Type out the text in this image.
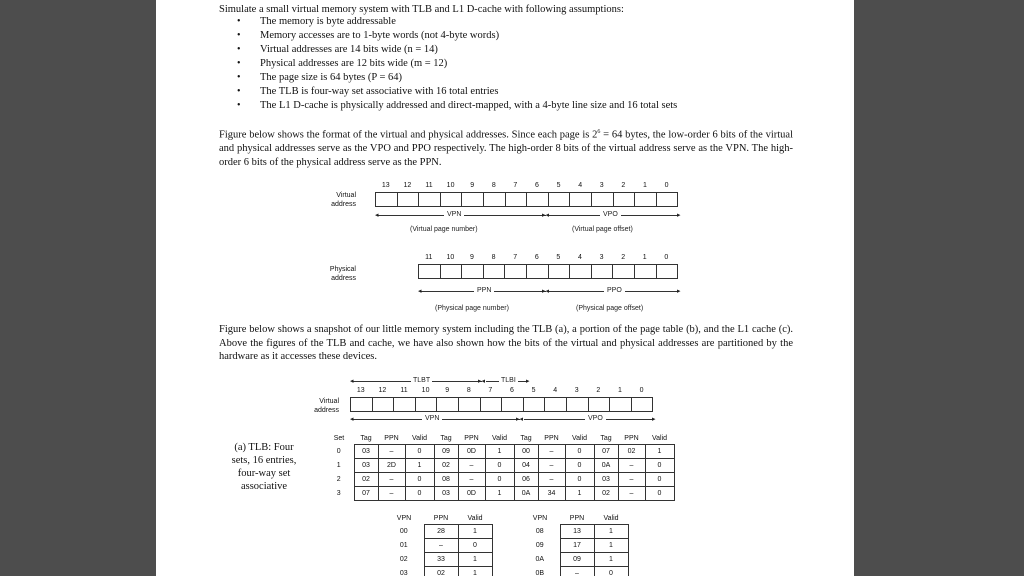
Simulate a small virtual memory system with TLB and L1 D-cache with following assumptions:
• The memory is byte addressable
• Memory accesses are to 1-byte words (not 4-byte words)
• Virtual addresses are 14 bits wide (n = 14)
• Physical addresses are 12 bits wide (m = 12)
• The page size is 64 bytes (P = 64)
• The TLB is four-way set associative with 16 total entries
• The L1 D-cache is physically addressed and direct-mapped, with a 4-byte line size and 16 total sets
Figure below shows the format of the virtual and physical addresses. Since each page is $2^6 = 64$ bytes, the low-order 6 bits of the virtual and physical addresses serve as the VPO and PPO respectively. The high-order 8 bits of the virtual address serve as the VPN. The high-order 6 bits of the physical address serve as the PPN.
13	12	11	10	9	8	7	6	5	4	3	2	1	0
Virtual
address
◂	▸◂	▸
VPN	VPO
(Virtual page number)	(Virtual page offset)
11	10	9	8	7	6	5	4	3	2	1	0
Physical
address
◂	▸◂	▸
PPN	PPO
(Physical page number)	(Physical page offset)
Figure below shows a snapshot of our little memory system including the TLB (a), a portion of the page table (b), and the L1 cache (c). Above the figures of the TLB and cache, we have also shown how the bits of the virtual and physical addresses are partitioned by the hardware as it accesses these devices.
◂	▸◂	▸
TLBT	TLBI
13	12	11	10	9	8	7	6	5	4	3	2	1	0
Virtual
address
◂	▸◂	▸
VPN	VPO
(a) TLB: Four sets, 16 entries, four-way set associative
Set	Tag	PPN	Valid	Tag	PPN	Valid	Tag	PPN	Valid	Tag	PPN	Valid
0	03	–	0	09	0D	1	00	–	0	07	02	1
1	03	2D	1	02	–	0	04	–	0	0A	–	0
2	02	–	0	08	–	0	06	–	0	03	–	0
3	07	–	0	03	0D	1	0A	34	1	02	–	0
VPN	PPN	Valid
00	28	1
01	–	0
02	33	1
03	02	1
VPN	PPN	Valid
08	13	1
09	17	1
0A	09	1
0B	–	0
